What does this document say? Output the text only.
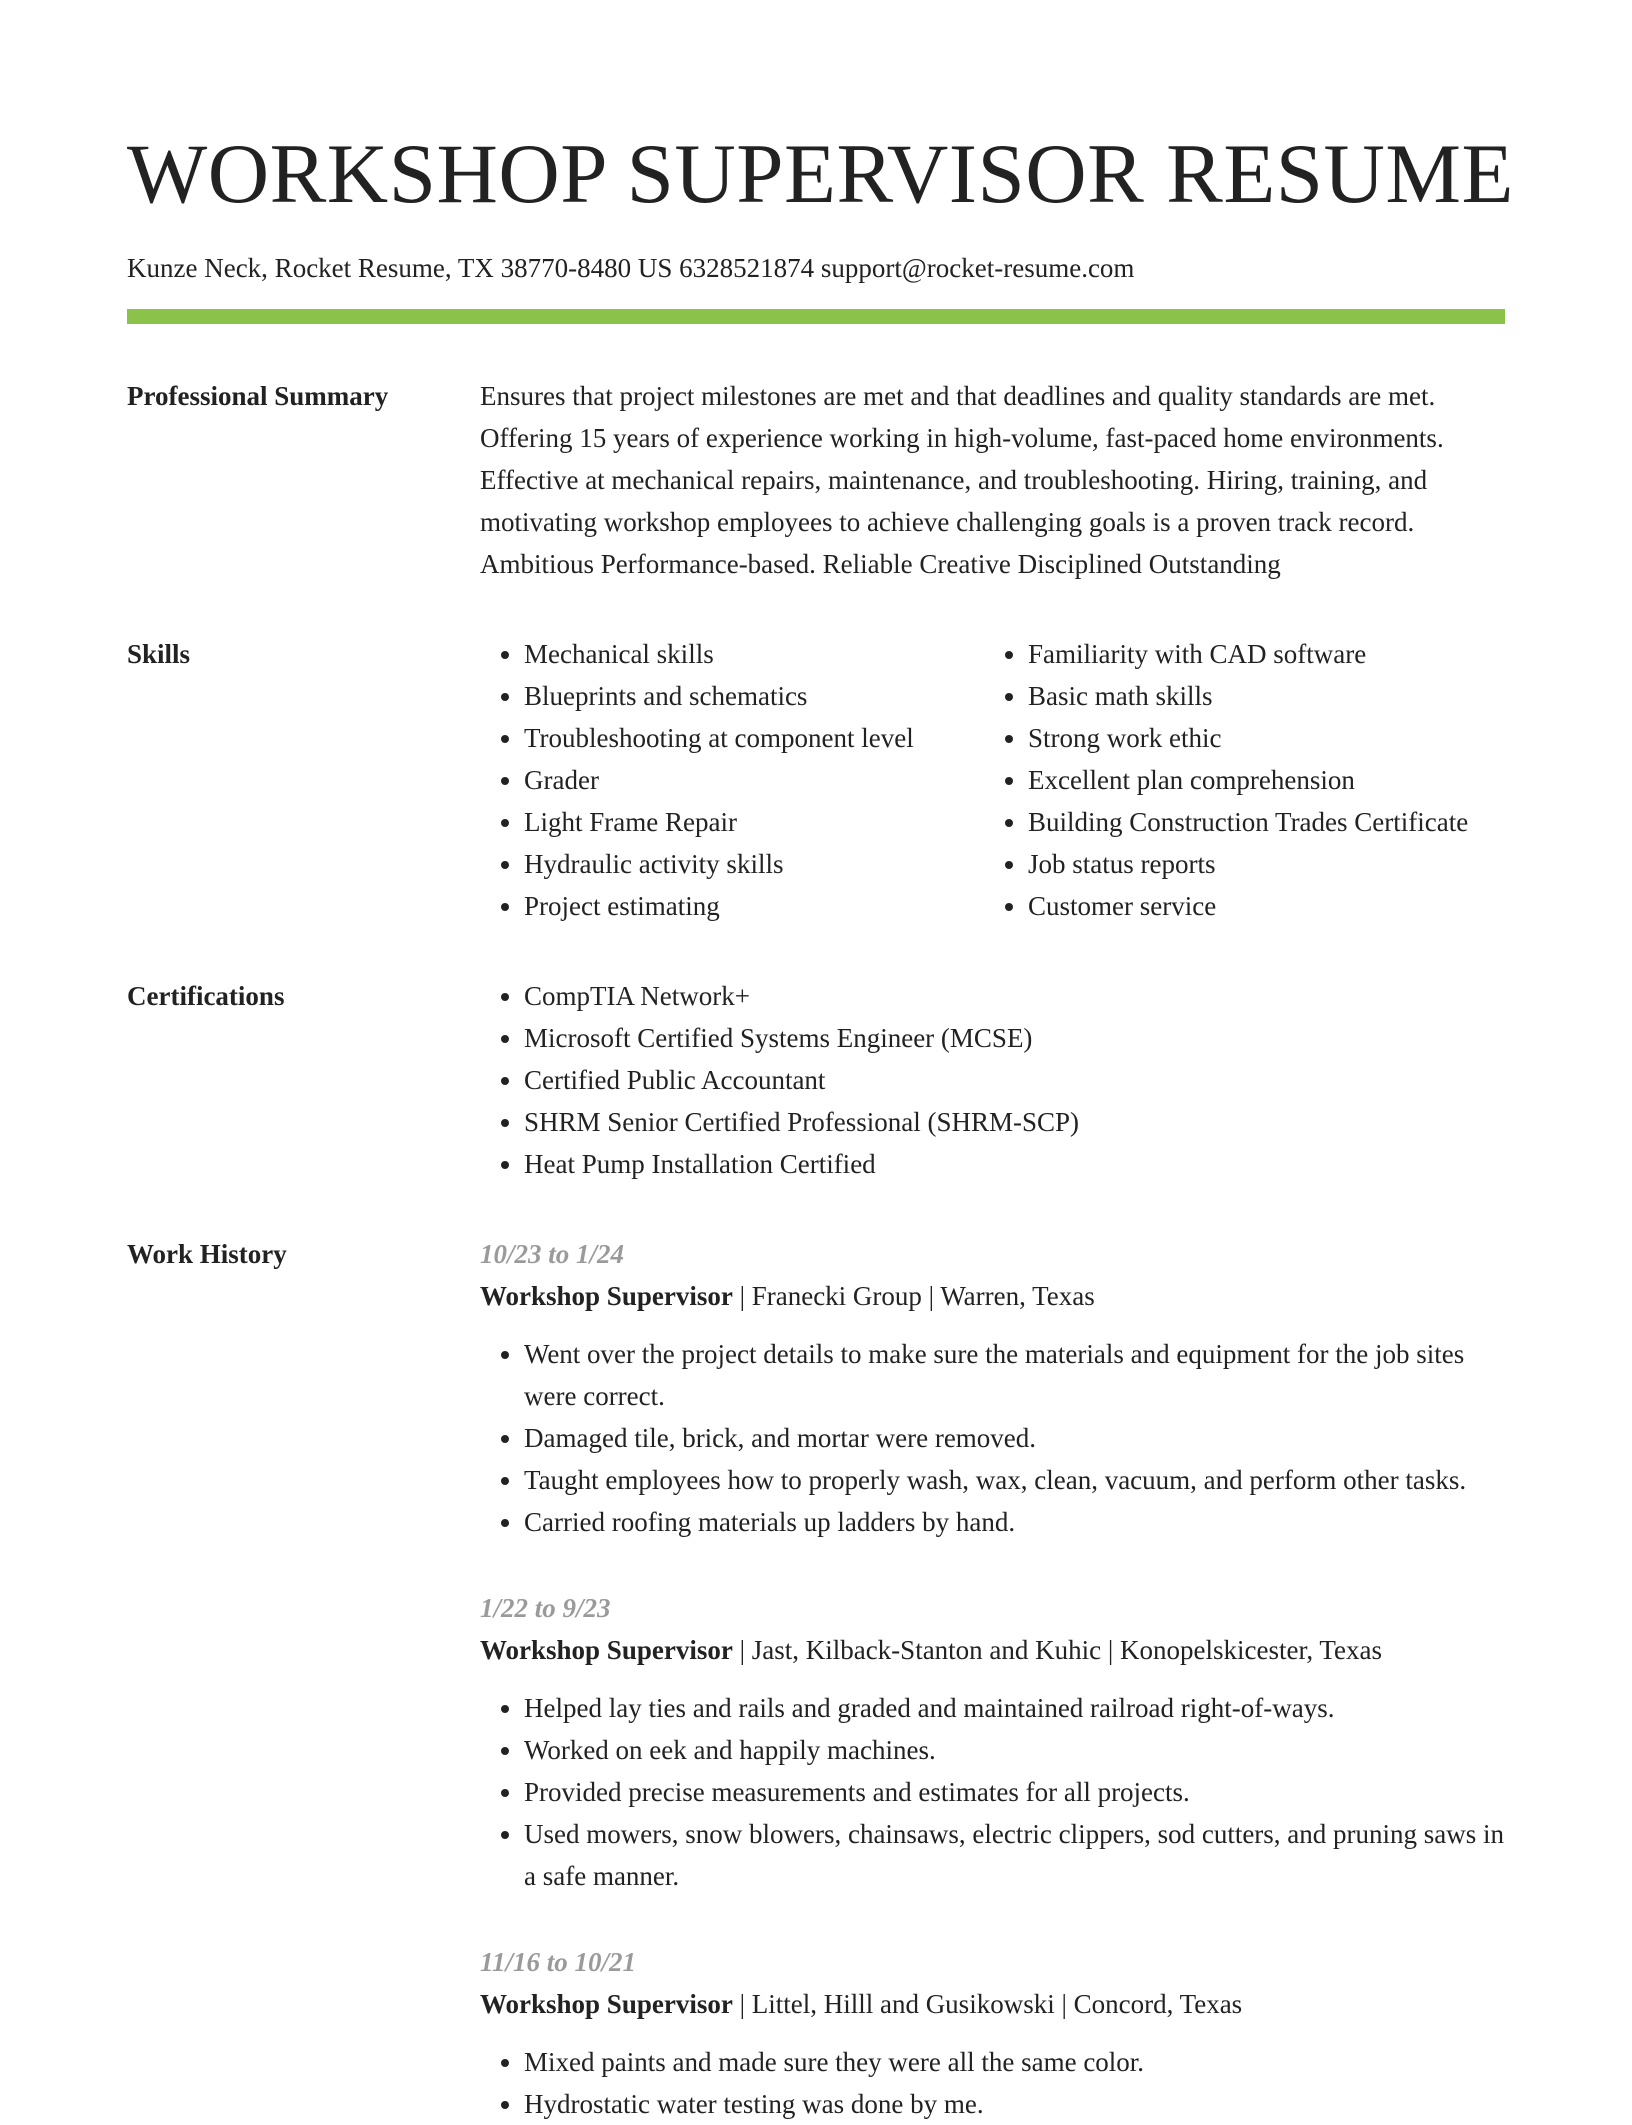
WORKSHOP SUPERVISOR RESUME
Kunze Neck, Rocket Resume, TX 38770-8480 US 6328521874 support@rocket-resume.com
Professional Summary	Ensures that project milestones are met and that deadlines and quality standards are met. Offering 15 years of experience working in high-volume, fast-paced home environments. Effective at mechanical repairs, maintenance, and troubleshooting. Hiring, training, and motivating workshop employees to achieve challenging goals is a proven track record. Ambitious Performance-based. Reliable Creative Disciplined Outstanding

Skills	• Mechanical skills
• Blueprints and schematics
• Troubleshooting at component level
• Grader
• Light Frame Repair
• Hydraulic activity skills
• Project estimating
• Familiarity with CAD software
• Basic math skills
• Strong work ethic
• Excellent plan comprehension
• Building Construction Trades Certificate
• Job status reports
• Customer service
Certifications	• CompTIA Network+
• Microsoft Certified Systems Engineer (MCSE)
• Certified Public Accountant
• SHRM Senior Certified Professional (SHRM-SCP)
• Heat Pump Installation Certified
Work History	10/23 to 1/24
Workshop Supervisor | Franecki Group | Warren, Texas
• Went over the project details to make sure the materials and equipment for the job sites were correct.
• Damaged tile, brick, and mortar were removed.
• Taught employees how to properly wash, wax, clean, vacuum, and perform other tasks.
• Carried roofing materials up ladders by hand.
1/22 to 9/23
Workshop Supervisor | Jast, Kilback-Stanton and Kuhic | Konopelskicester, Texas
• Helped lay ties and rails and graded and maintained railroad right-of-ways.
• Worked on eek and happily machines.
• Provided precise measurements and estimates for all projects.
• Used mowers, snow blowers, chainsaws, electric clippers, sod cutters, and pruning saws in a safe manner.
11/16 to 10/21
Workshop Supervisor | Littel, Hilll and Gusikowski | Concord, Texas
• Mixed paints and made sure they were all the same color.
• Hydrostatic water testing was done by me.
